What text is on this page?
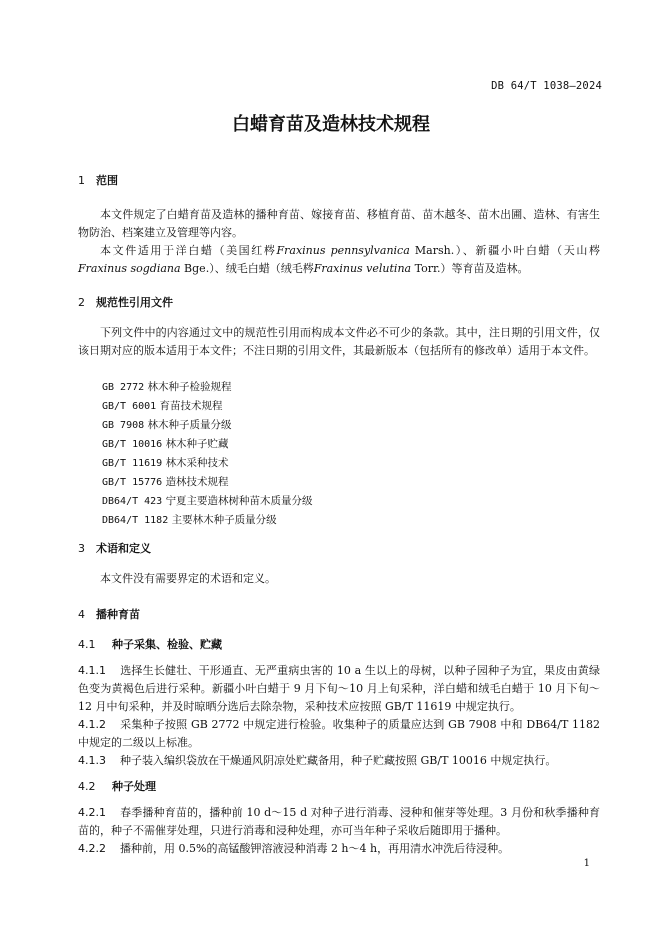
DB 64/T 1038—2024
白蜡育苗及造林技术规程
1 范围
本文件规定了白蜡育苗及造林的播种育苗、嫁接育苗、移植育苗、苗木越冬、苗木出圃、造林、有害生物防治、档案建立及管理等内容。
本文件适用于洋白蜡（美国红梣Fraxinus pennsylvanica Marsh.）、新疆小叶白蜡（天山梣Fraxinus sogdiana Bge.）、绒毛白蜡（绒毛梣Fraxinus velutina Torr.）等育苗及造林。
2 规范性引用文件
下列文件中的内容通过文中的规范性引用而构成本文件必不可少的条款。其中，注日期的引用文件，仅该日期对应的版本适用于本文件；不注日期的引用文件，其最新版本（包括所有的修改单）适用于本文件。
GB 2772 林木种子检验规程
GB/T 6001 育苗技术规程
GB 7908 林木种子质量分级
GB/T 10016 林木种子贮藏
GB/T 11619 林木采种技术
GB/T 15776 造林技术规程
DB64/T 423 宁夏主要造林树种苗木质量分级
DB64/T 1182 主要林木种子质量分级
3 术语和定义
本文件没有需要界定的术语和定义。
4 播种育苗
4.1 种子采集、检验、贮藏
4.1.1 选择生长健壮、干形通直、无严重病虫害的 10 a 生以上的母树，以种子园种子为宜，果皮由黄绿色变为黄褐色后进行采种。新疆小叶白蜡于 9 月下旬～10 月上旬采种，洋白蜡和绒毛白蜡于 10 月下旬～12 月中旬采种，并及时晾晒分选后去除杂物，采种技术应按照 GB/T 11619 中规定执行。
4.1.2 采集种子按照 GB 2772 中规定进行检验。收集种子的质量应达到 GB 7908 中和 DB64/T 1182 中规定的二级以上标准。
4.1.3 种子装入编织袋放在干燥通风阴凉处贮藏备用，种子贮藏按照 GB/T 10016 中规定执行。
4.2 种子处理
4.2.1 春季播种育苗的，播种前 10 d～15 d 对种子进行消毒、浸种和催芽等处理。3 月份和秋季播种育苗的，种子不需催芽处理，只进行消毒和浸种处理，亦可当年种子采收后随即用于播种。
4.2.2 播种前，用 0.5%的高锰酸钾溶液浸种消毒 2 h～4 h，再用清水冲洗后待浸种。
1
